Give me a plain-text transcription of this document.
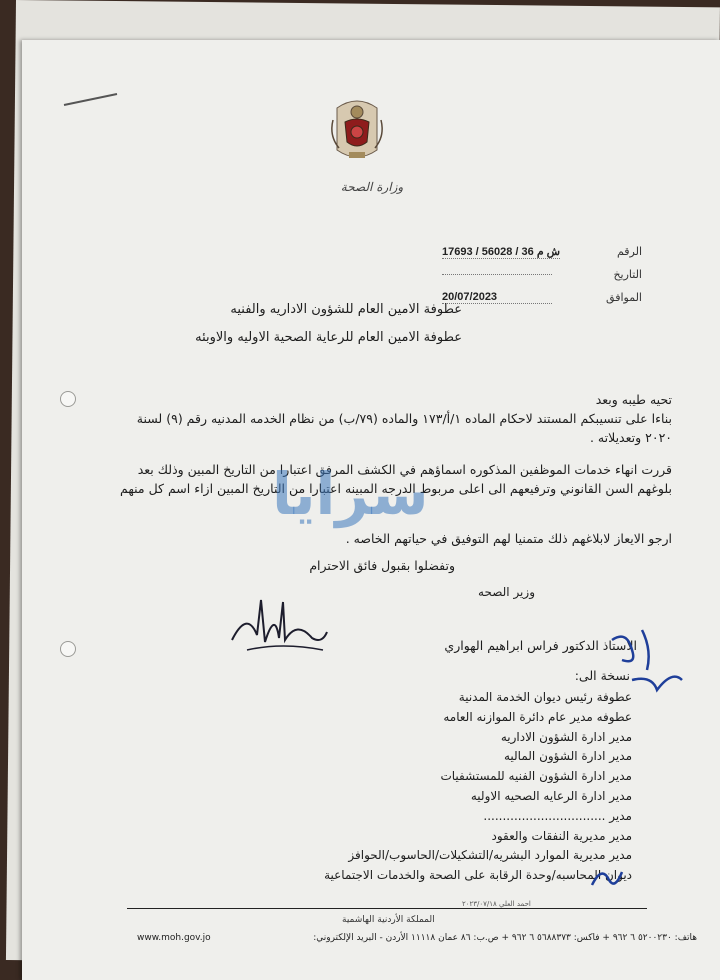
وزارة الصحة
الرقم
17693 / 56028 / 36 ش م
التاريخ
الموافق
20/07/2023
عطوفة الامين العام للشؤون الاداريه والفنيه
عطوفة الامين العام للرعاية الصحية الاوليه والاوبئه
تحيه طيبه وبعد
بناءا على تنسيبكم المستند لاحكام الماده ١/أ/١٧٣ والماده (٧٩/ب) من نظام الخدمه المدنيه رقم (٩) لسنة ٢٠٢٠ وتعديلاته .
قررت انهاء خدمات الموظفين المذكوره اسماؤهم في الكشف المرفق اعتبارا من التاريخ المبين وذلك بعد بلوغهم السن القانوني وترفيعهم الى اعلى مربوط الدرجه المبينه اعتبارا من التاريخ المبين ازاء اسم كل منهم
ارجو الايعاز لابلاغهم ذلك متمنيا لهم التوفيق في حياتهم الخاصه .
وتفضلوا بقبول فائق الاحترام
وزير الصحه
الاستاذ الدكتور فراس ابراهيم الهواري
نسخة الى:
عطوفة رئيس ديوان الخدمة المدنية
عطوفه مدير عام دائرة الموازنه العامه
مدير ادارة الشؤون الاداريه
مدير ادارة الشؤون الماليه
مدير ادارة الشؤون الفنيه للمستشفيات
مدير ادارة الرعايه الصحيه الاوليه
مدير ................................
مدير مديرية النفقات والعقود
مدير مديرية الموارد البشريه/التشكيلات/الحاسوب/الحوافز
ديوان المحاسبه/وحدة الرقابة على الصحة والخدمات الاجتماعية
احمد العلي ٢٠٢٣/٠٧/١٨
المملكة الأردنية الهاشمية
www.moh.gov.jo	هاتف: ٥٢٠٠٢٣٠ ٦ ٩٦٢ + فاكس: ٥٦٨٨٣٧٣ ٦ ٩٦٢ + ص.ب: ٨٦ عمان ١١١١٨ الأردن - البريد الإلكتروني:
سرايا
